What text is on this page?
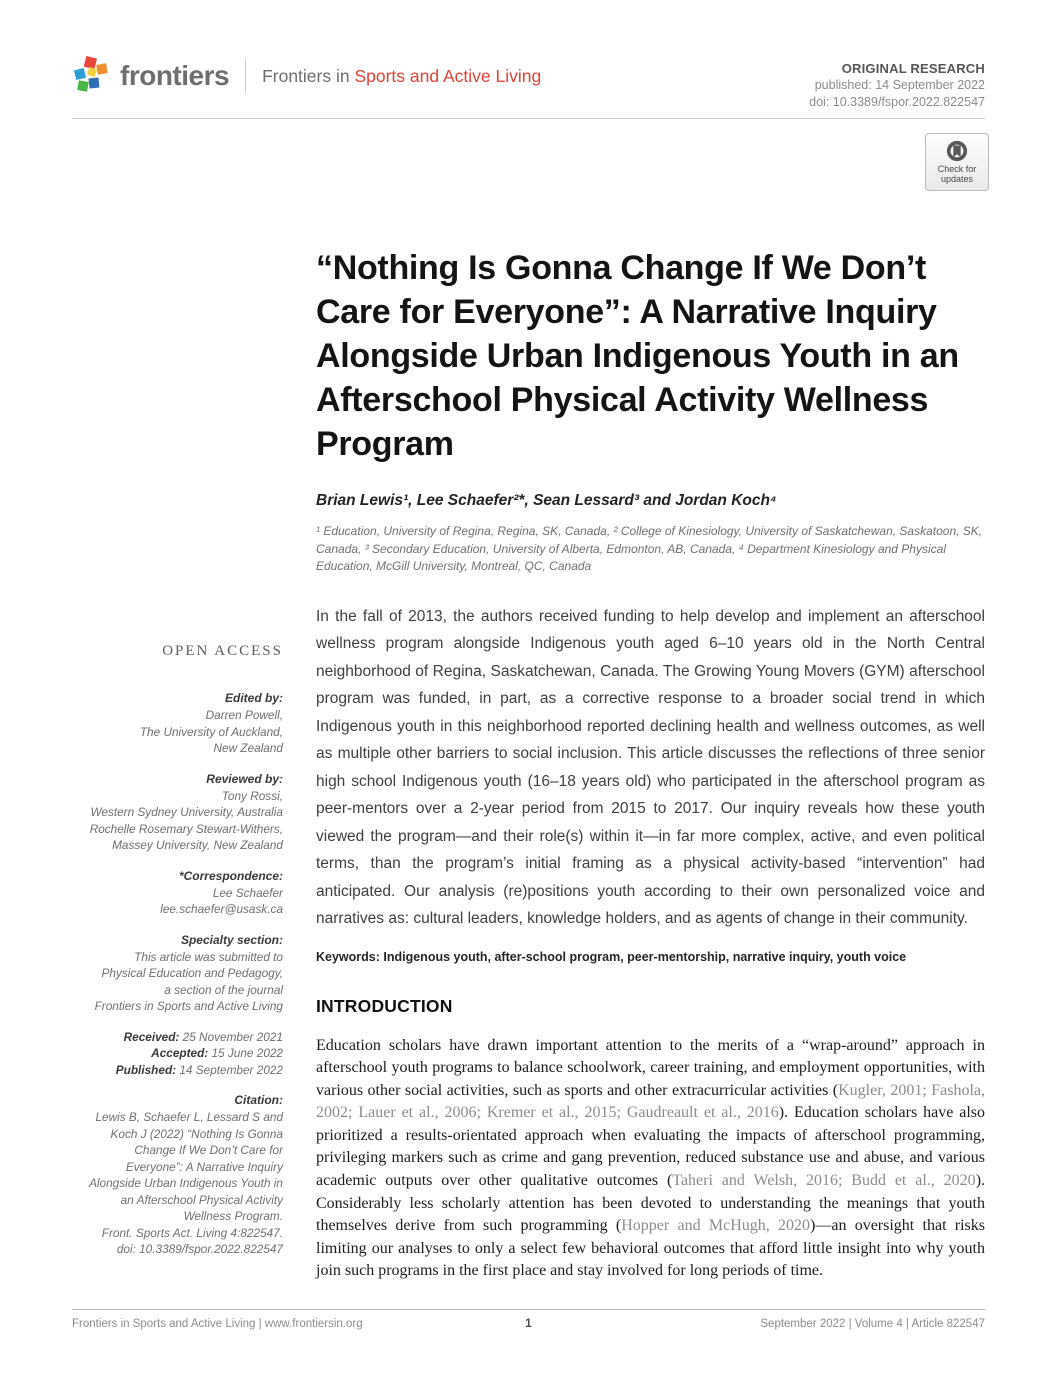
frontiers Frontiers in Sports and Active Living	ORIGINAL RESEARCH
published: 14 September 2022
doi: 10.3389/fspor.2022.822547
Check for
updates
OPEN ACCESS
Edited by:
Darren Powell,
The University of Auckland,
New Zealand
Reviewed by:
Tony Rossi,
Western Sydney University, Australia
Rochelle Rosemary Stewart-Withers,
Massey University, New Zealand
*Correspondence:
Lee Schaefer
lee.schaefer@usask.ca
Specialty section:
This article was submitted to
Physical Education and Pedagogy,
a section of the journal
Frontiers in Sports and Active Living
Received: 25 November 2021
Accepted: 15 June 2022
Published: 14 September 2022
Citation:
Lewis B, Schaefer L, Lessard S and
Koch J (2022) “Nothing Is Gonna
Change If We Don’t Care for
Everyone”: A Narrative Inquiry
Alongside Urban Indigenous Youth in
an Afterschool Physical Activity
Wellness Program.
Front. Sports Act. Living 4:822547.
doi: 10.3389/fspor.2022.822547
“Nothing Is Gonna Change If We Don’t Care for Everyone”: A Narrative Inquiry Alongside Urban Indigenous Youth in an Afterschool Physical Activity Wellness Program
Brian Lewis¹, Lee Schaefer²*, Sean Lessard³ and Jordan Koch⁴
¹ Education, University of Regina, Regina, SK, Canada, ² College of Kinesiology, University of Saskatchewan, Saskatoon, SK, Canada, ³ Secondary Education, University of Alberta, Edmonton, AB, Canada, ⁴ Department Kinesiology and Physical Education, McGill University, Montreal, QC, Canada

In the fall of 2013, the authors received funding to help develop and implement an afterschool wellness program alongside Indigenous youth aged 6–10 years old in the North Central neighborhood of Regina, Saskatchewan, Canada. The Growing Young Movers (GYM) afterschool program was funded, in part, as a corrective response to a broader social trend in which Indigenous youth in this neighborhood reported declining health and wellness outcomes, as well as multiple other barriers to social inclusion. This article discusses the reflections of three senior high school Indigenous youth (16–18 years old) who participated in the afterschool program as peer-mentors over a 2-year period from 2015 to 2017. Our inquiry reveals how these youth viewed the program—and their role(s) within it—in far more complex, active, and even political terms, than the program’s initial framing as a physical activity-based “intervention” had anticipated. Our analysis (re)positions youth according to their own personalized voice and narratives as: cultural leaders, knowledge holders, and as agents of change in their community.

Keywords: Indigenous youth, after-school program, peer-mentorship, narrative inquiry, youth voice
INTRODUCTION

Education scholars have drawn important attention to the merits of a “wrap-around” approach in afterschool youth programs to balance schoolwork, career training, and employment opportunities, with various other social activities, such as sports and other extracurricular activities (Kugler, 2001; Fashola, 2002; Lauer et al., 2006; Kremer et al., 2015; Gaudreault et al., 2016). Education scholars have also prioritized a results-orientated approach when evaluating the impacts of afterschool programming, privileging markers such as crime and gang prevention, reduced substance use and abuse, and various academic outputs over other qualitative outcomes (Taheri and Welsh, 2016; Budd et al., 2020). Considerably less scholarly attention has been devoted to understanding the meanings that youth themselves derive from such programming (Hopper and McHugh, 2020)—an oversight that risks limiting our analyses to only a select few behavioral outcomes that afford little insight into why youth join such programs in the first place and stay involved for long periods of time.

Frontiers in Sports and Active Living | www.frontiersin.org	1	September 2022 | Volume 4 | Article 822547
